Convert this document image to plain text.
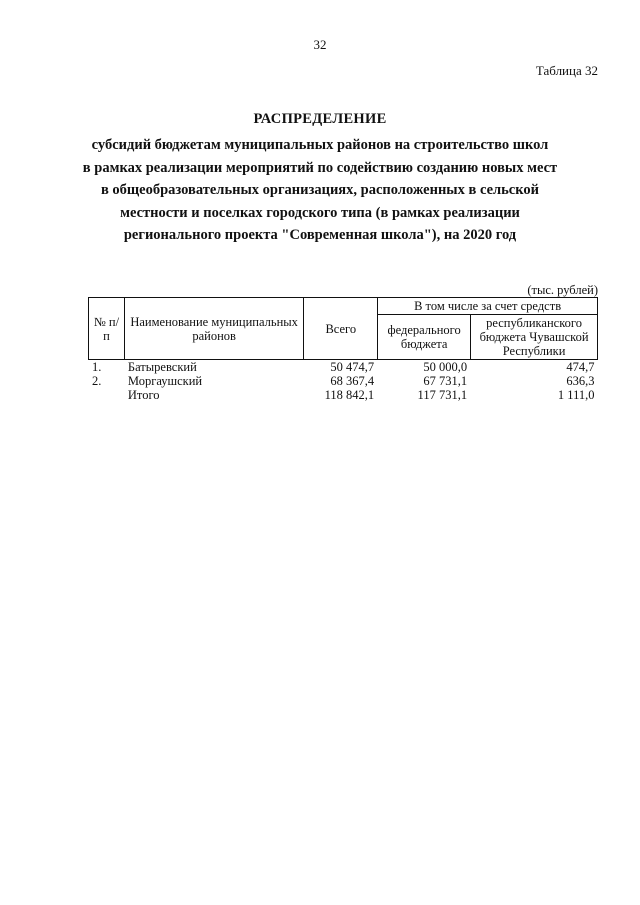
32
Таблица 32
РАСПРЕДЕЛЕНИЕ
субсидий бюджетам муниципальных районов на строительство школ
в рамках реализации мероприятий по содействию созданию новых мест
в общеобразовательных организациях, расположенных в сельской
местности и поселках городского типа (в рамках реализации
регионального проекта "Современная школа"), на 2020 год
(тыс. рублей)
№ п/п	Наименование муниципальных районов	Всего	В том числе за счет средств	
			федерального бюджета	республиканского бюджета Чувашской Республики
1.	Батыревский	50 474,7	50 000,0	474,7
2.	Моргаушский	68 367,4	67 731,1	636,3
	Итого	118 842,1	117 731,1	1 111,0
